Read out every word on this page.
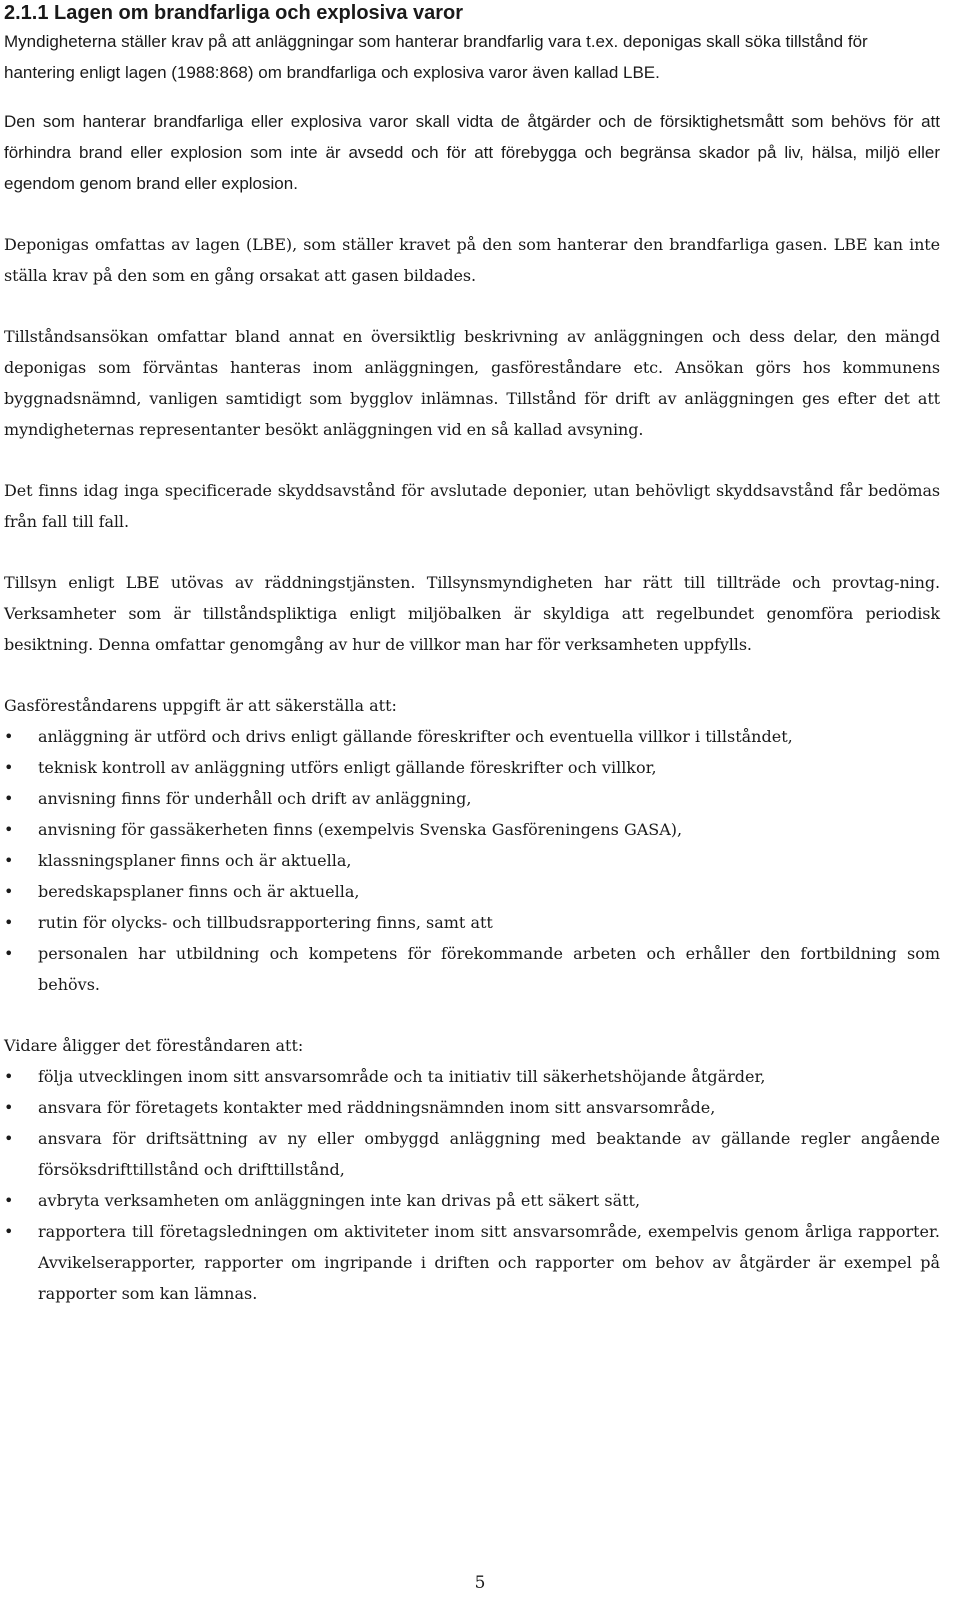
2.1.1 Lagen om brandfarliga och explosiva varor

Myndigheterna ställer krav på att anläggningar som hanterar brandfarlig vara t.ex. deponigas skall söka tillstånd för hantering enligt lagen (1988:868) om brandfarliga och explosiva varor även kallad LBE.

Den som hanterar brandfarliga eller explosiva varor skall vidta de åtgärder och de försiktighetsmått som behövs för att förhindra brand eller explosion som inte är avsedd och för att förebygga och begränsa skador på liv, hälsa, miljö eller egendom genom brand eller explosion.

Deponigas omfattas av lagen (LBE), som ställer kravet på den som hanterar den brandfarliga gasen. LBE kan inte ställa krav på den som en gång orsakat att gasen bildades.

Tillståndsansökan omfattar bland annat en översiktlig beskrivning av anläggningen och dess delar, den mängd deponigas som förväntas hanteras inom anläggningen, gasföreståndare etc. Ansökan görs hos kommunens byggnadsnämnd, vanligen samtidigt som bygglov inlämnas. Tillstånd för drift av anläggningen ges efter det att myndigheternas representanter besökt anläggningen vid en så kallad avsyning.

Det finns idag inga specificerade skyddsavstånd för avslutade deponier, utan behövligt skyddsavstånd får bedömas från fall till fall.

Tillsyn enligt LBE utövas av räddningstjänsten. Tillsynsmyndigheten har rätt till tillträde och provtag-ning. Verksamheter som är tillståndspliktiga enligt miljöbalken är skyldiga att regelbundet genomföra periodisk besiktning. Denna omfattar genomgång av hur de villkor man har för verksamheten uppfylls.

Gasföreståndarens uppgift är att säkerställa att:

•	anläggning är utförd och drivs enligt gällande föreskrifter och eventuella villkor i tillståndet,
•	teknisk kontroll av anläggning utförs enligt gällande föreskrifter och villkor,
•	anvisning finns för underhåll och drift av anläggning,
•	anvisning för gassäkerheten finns (exempelvis Svenska Gasföreningens GASA),
•	klassningsplaner finns och är aktuella,
•	beredskapsplaner finns och är aktuella,
•	rutin för olycks- och tillbudsrapportering finns, samt att
•	personalen har utbildning och kompetens för förekommande arbeten och erhåller den fortbildning som behövs.

Vidare åligger det föreståndaren att:

•	följa utvecklingen inom sitt ansvarsområde och ta initiativ till säkerhetshöjande åtgärder,
•	ansvara för företagets kontakter med räddningsnämnden inom sitt ansvarsområde,
•	ansvara för driftsättning av ny eller ombyggd anläggning med beaktande av gällande regler angående försöksdrifttillstånd och drifttillstånd,
•	avbryta verksamheten om anläggningen inte kan drivas på ett säkert sätt,
•	rapportera till företagsledningen om aktiviteter inom sitt ansvarsområde, exempelvis genom årliga rapporter. Avvikelserapporter, rapporter om ingripande i driften och rapporter om behov av åtgärder är exempel på rapporter som kan lämnas.
5
